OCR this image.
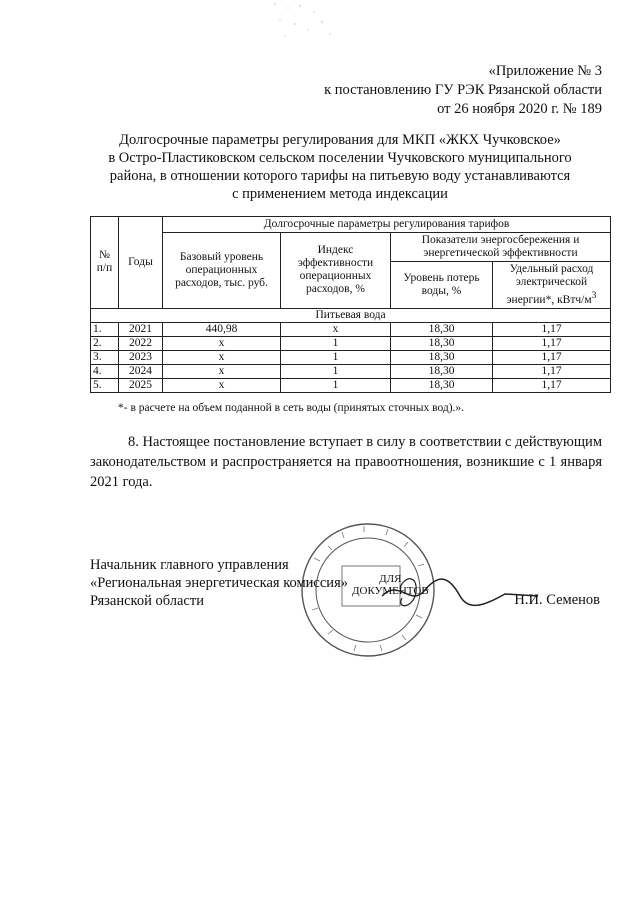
«Приложение № 3
к постановлению ГУ РЭК Рязанской области
от 26 ноября 2020 г. № 189
Долгосрочные параметры регулирования для МКП «ЖКХ Чучковское»
в Остро-Пластиковском сельском поселении Чучковского муниципального
района, в отношении которого тарифы на питьевую воду устанавливаются
с применением метода индексации
№ п/п	Годы	Долгосрочные параметры регулирования тарифов			
		Базовый уровень операционных расходов, тыс. руб.	Индекс эффективности операционных расходов, %	Показатели энергосбережения и энергетической эффективности	
				Уровень потерь воды, %	Удельный расход электрической энергии*, кВтч/$м^3$
Питьевая вода					
1.	2021	440,98	x	18,30	1,17
2.	2022	x	1	18,30	1,17
3.	2023	x	1	18,30	1,17
4.	2024	x	1	18,30	1,17
5.	2025	x	1	18,30	1,17
*- в расчете на объем поданной в сеть воды (принятых сточных вод).».
8. Настоящее постановление вступает в силу в соответствии с действующим законодательством и распространяется на правоотношения, возникшие с 1 января 2021 года.
ДЛЯ
ДОКУМЕНТОВ
Начальник главного управления
«Региональная энергетическая комиссия»
Рязанской области	Н.И. Семенов
